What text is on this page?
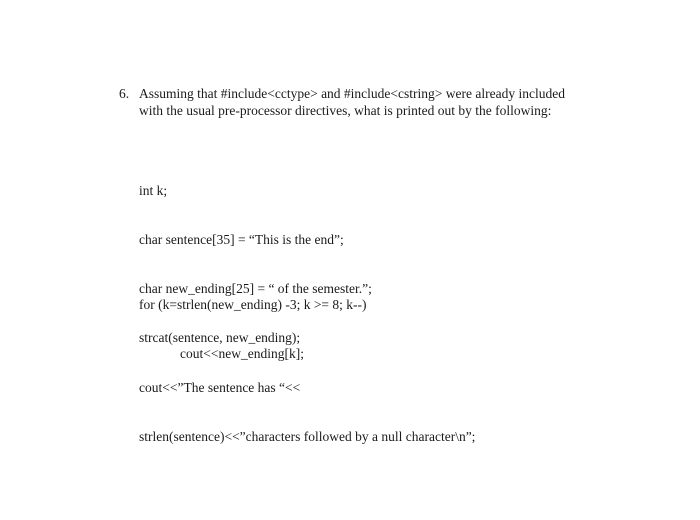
6. Assuming that #include<cctype> and #include<cstring> were already included
with the usual pre-processor directives, what is printed out by the following:

int k;

char sentence[35] = “This is the end”;

char new_ending[25] = “ of the semester.”;

strcat(sentence, new_ending);

cout<<”The sentence has “<<

strlen(sentence)<<”characters followed by a null character\n”;

for (k=strlen(new_ending) -3; k >= 8; k--)

cout<<new_ending[k];
